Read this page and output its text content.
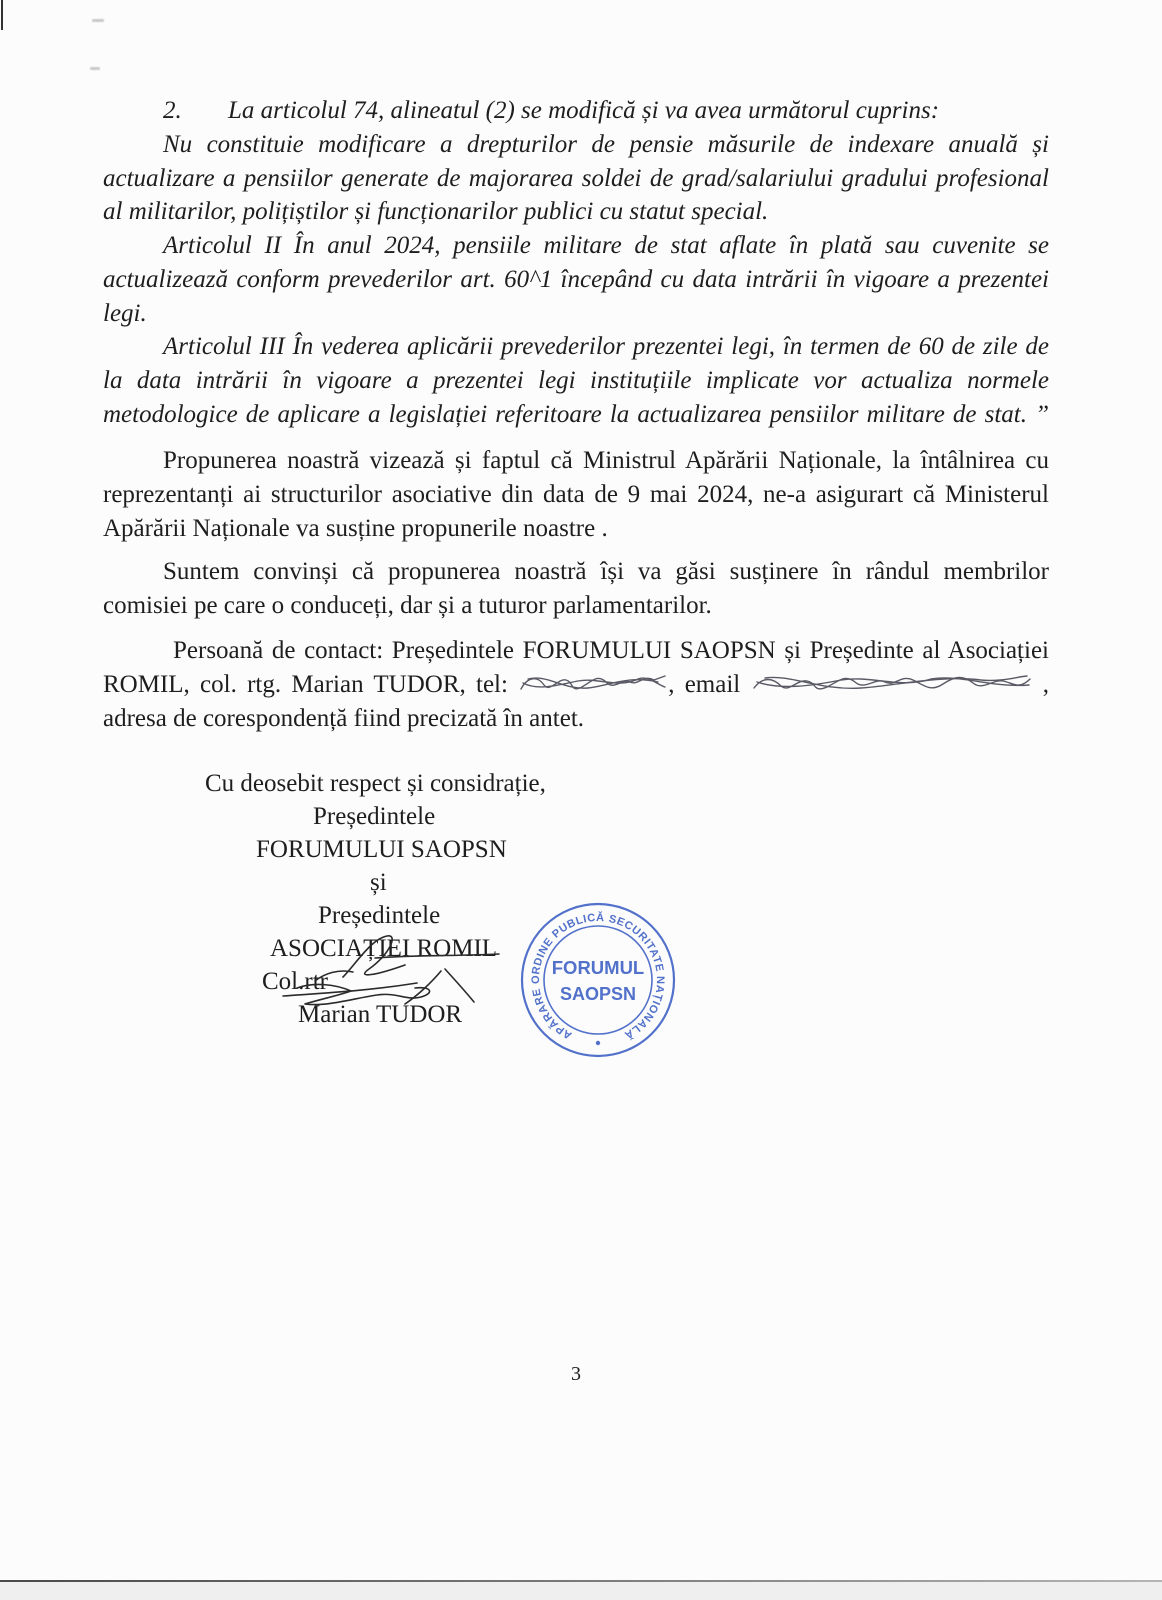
2. La articolul 74, alineatul (2) se modifică și va avea următorul cuprins:
Nu constituie modificare a drepturilor de pensie măsurile de indexare anuală și
actualizare a pensiilor generate de majorarea soldei de grad/salariului gradului profesional
al militarilor, polițiștilor și funcționarilor publici cu statut special.
Articolul II În anul 2024, pensiile militare de stat aflate în plată sau cuvenite se
actualizează conform prevederilor art. 60^1 începând cu data intrării în vigoare a prezentei
legi.
Articolul III În vederea aplicării prevederilor prezentei legi, în termen de 60 de zile de
la data intrării în vigoare a prezentei legi instituțiile implicate vor actualiza normele
metodologice de aplicare a legislației referitoare la actualizarea pensiilor militare de stat. ”
Propunerea noastră vizează și faptul că Ministrul Apărării Naționale, la întâlnirea cu
reprezentanți ai structurilor asociative din data de 9 mai 2024, ne-a asigurart că Ministerul
Apărării Naționale va susține propunerile noastre .
Suntem convinși că propunerea noastră își va găsi susținere în rândul membrilor
comisiei pe care o conduceți, dar și a tuturor parlamentarilor.
Persoană de contact: Președintele FORUMULUI SAOPSN și Președinte al Asociației
ROMIL, col. rtg. Marian TUDOR, tel:	, email	,
adresa de corespondență fiind precizată în antet.
Cu deosebit respect și considrație,
Președintele
FORUMULUI SAOPSN
și
Președintele
ASOCIAȚIEI ROMIL
Col.rtr
Marian TUDOR
APĂRARE ORDINE PUBLICĂ SECURITATE NAȚIONALĂ
FORUMUL
SAOPSN
3
